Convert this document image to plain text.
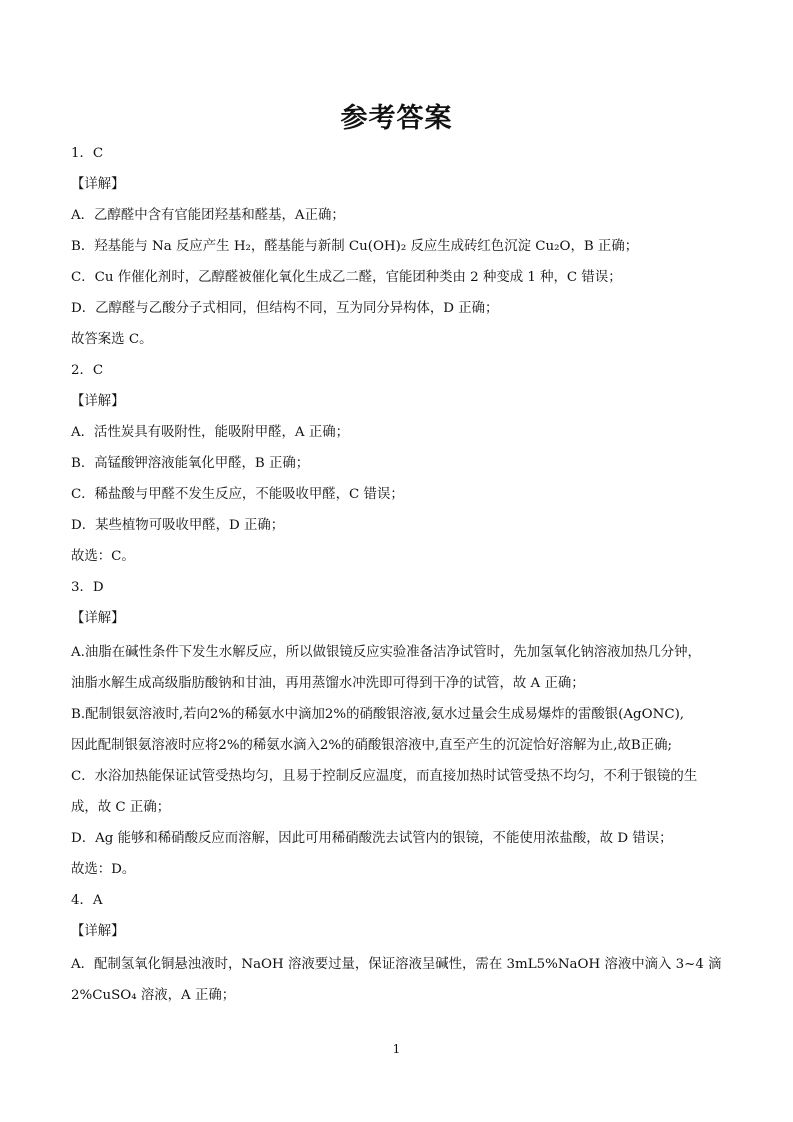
参考答案
1．C
【详解】
A．乙醇醛中含有官能团羟基和醛基，A正确；
B．羟基能与 Na 反应产生 H₂，醛基能与新制 Cu(OH)₂ 反应生成砖红色沉淀 Cu₂O，B 正确；
C．Cu 作催化剂时，乙醇醛被催化氧化生成乙二醛，官能团种类由 2 种变成 1 种，C 错误；
D．乙醇醛与乙酸分子式相同，但结构不同，互为同分异构体，D 正确；
故答案选 C。
2．C
【详解】
A．活性炭具有吸附性，能吸附甲醛，A 正确；
B．高锰酸钾溶液能氧化甲醛，B 正确；
C．稀盐酸与甲醛不发生反应，不能吸收甲醛，C 错误；
D．某些植物可吸收甲醛，D 正确；
故选：C。
3．D
【详解】
A.油脂在碱性条件下发生水解反应，所以做银镜反应实验准备洁净试管时，先加氢氧化钠溶液加热几分钟，
油脂水解生成高级脂肪酸钠和甘油，再用蒸馏水冲洗即可得到干净的试管，故 A 正确；
B.配制银氨溶液时,若向2%的稀氨水中滴加2%的硝酸银溶液,氨水过量会生成易爆炸的雷酸银(AgONC),
因此配制银氨溶液时应将2%的稀氨水滴入2%的硝酸银溶液中,直至产生的沉淀恰好溶解为止,故B正确;
C．水浴加热能保证试管受热均匀，且易于控制反应温度，而直接加热时试管受热不均匀，不利于银镜的生
成，故 C 正确；
D．Ag 能够和稀硝酸反应而溶解，因此可用稀硝酸洗去试管内的银镜，不能使用浓盐酸，故 D 错误；
故选：D。
4．A
【详解】
A．配制氢氧化铜悬浊液时，NaOH 溶液要过量，保证溶液呈碱性，需在 3mL5%NaOH 溶液中滴入 3~4 滴
2%CuSO₄ 溶液，A 正确；
1
